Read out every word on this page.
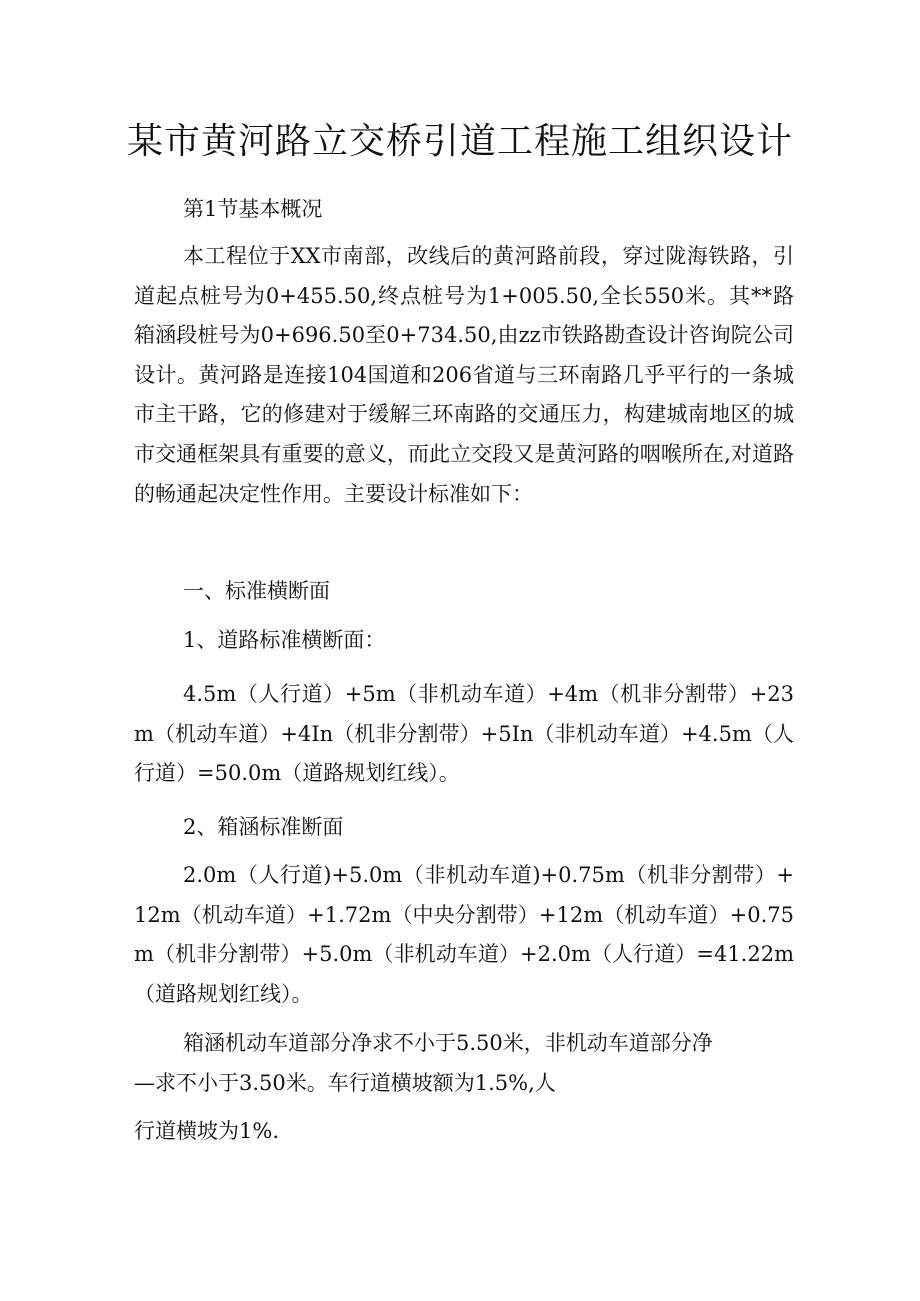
某市黄河路立交桥引道工程施工组织设计

第1节基本概况

本工程位于XX市南部，改线后的黄河路前段，穿过陇海铁路，引道起点桩号为0+455.50,终点桩号为1+005.50,全长550米。其**路箱涵段桩号为0+696.50至0+734.50,由zz市铁路勘查设计咨询院公司设计。黄河路是连接104国道和206省道与三环南路几乎平行的一条城市主干路，它的修建对于缓解三环南路的交通压力，构建城南地区的城市交通框架具有重要的意义，而此立交段又是黄河路的咽喉所在,对道路的畅通起决定性作用。主要设计标准如下：

一、标准横断面

1、道路标准横断面：

4.5m（人行道）+5m（非机动车道）+4m（机非分割带）+23m（机动车道）+4In（机非分割带）+5In（非机动车道）+4.5m（人行道）=50.0m（道路规划红线）。

2、箱涵标准断面

2.0m（人行道)+5.0m（非机动车道)+0.75m（机非分割带）+12m（机动车道）+1.72m（中央分割带）+12m（机动车道）+0.75m（机非分割带）+5.0m（非机动车道）+2.0m（人行道）=41.22m（道路规划红线）。

箱涵机动车道部分净求不小于5.50米，非机动车道部分净

—求不小于3.50米。车行道横坡额为1.5%,人

行道横坡为1%.
